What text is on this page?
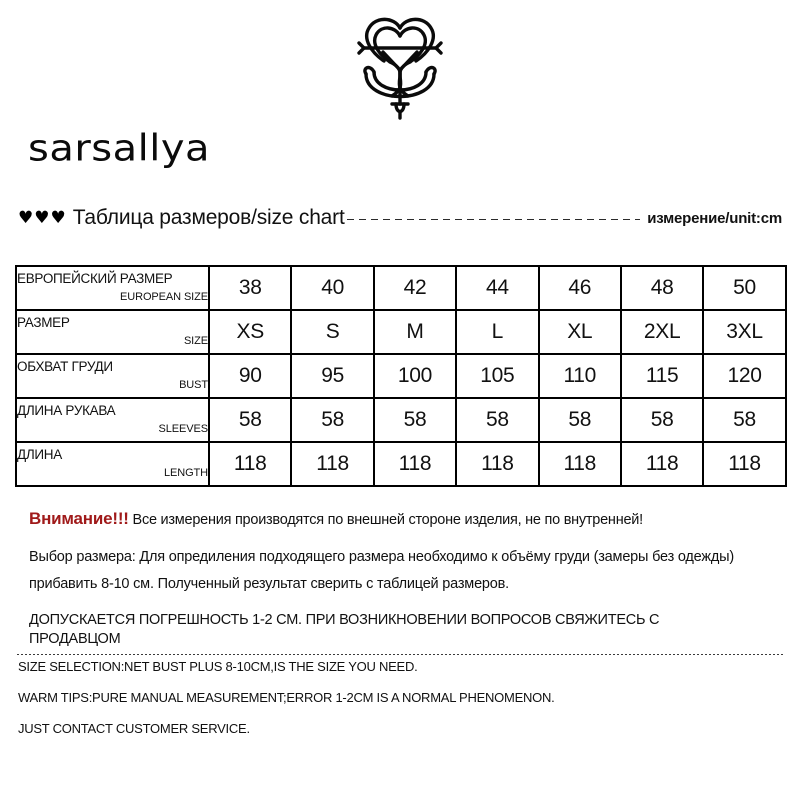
sarsallya
♥♥♥ Таблица размеров/size chart	измерение/unit:cm
ЕВРОПЕЙСКИЙ РАЗМЕР
EUROPEAN SIZE	38	40	42	44	46	48	50

РАЗМЕР
SIZE	XS	S	M	L	XL	2XL	3XL

ОБХВАТ ГРУДИ
BUST	90	95	100	105	110	115	120

ДЛИНА РУКАВА
SLEEVES	58	58	58	58	58	58	58

ДЛИНА
LENGTH	118	118	118	118	118	118	118
Внимание!!! Все измерения производятся по внешней стороне изделия, не по внутренней!
Выбор размера: Для опредиления подходящего размера необходимо к объёму груди (замеры без одежды) прибавить 8-10 см. Полученный результат сверить с таблицей размеров.
ДОПУСКАЕТСЯ ПОГРЕШНОСТЬ 1-2 СМ. ПРИ ВОЗНИКНОВЕНИИ ВОПРОСОВ СВЯЖИТЕСЬ С ПРОДАВЦОМ
SIZE SELECTION:NET BUST PLUS 8-10CM,IS THE SIZE YOU NEED.
WARM TIPS:PURE MANUAL MEASUREMENT;ERROR 1-2CM IS A NORMAL PHENOMENON.
JUST CONTACT CUSTOMER SERVICE.
